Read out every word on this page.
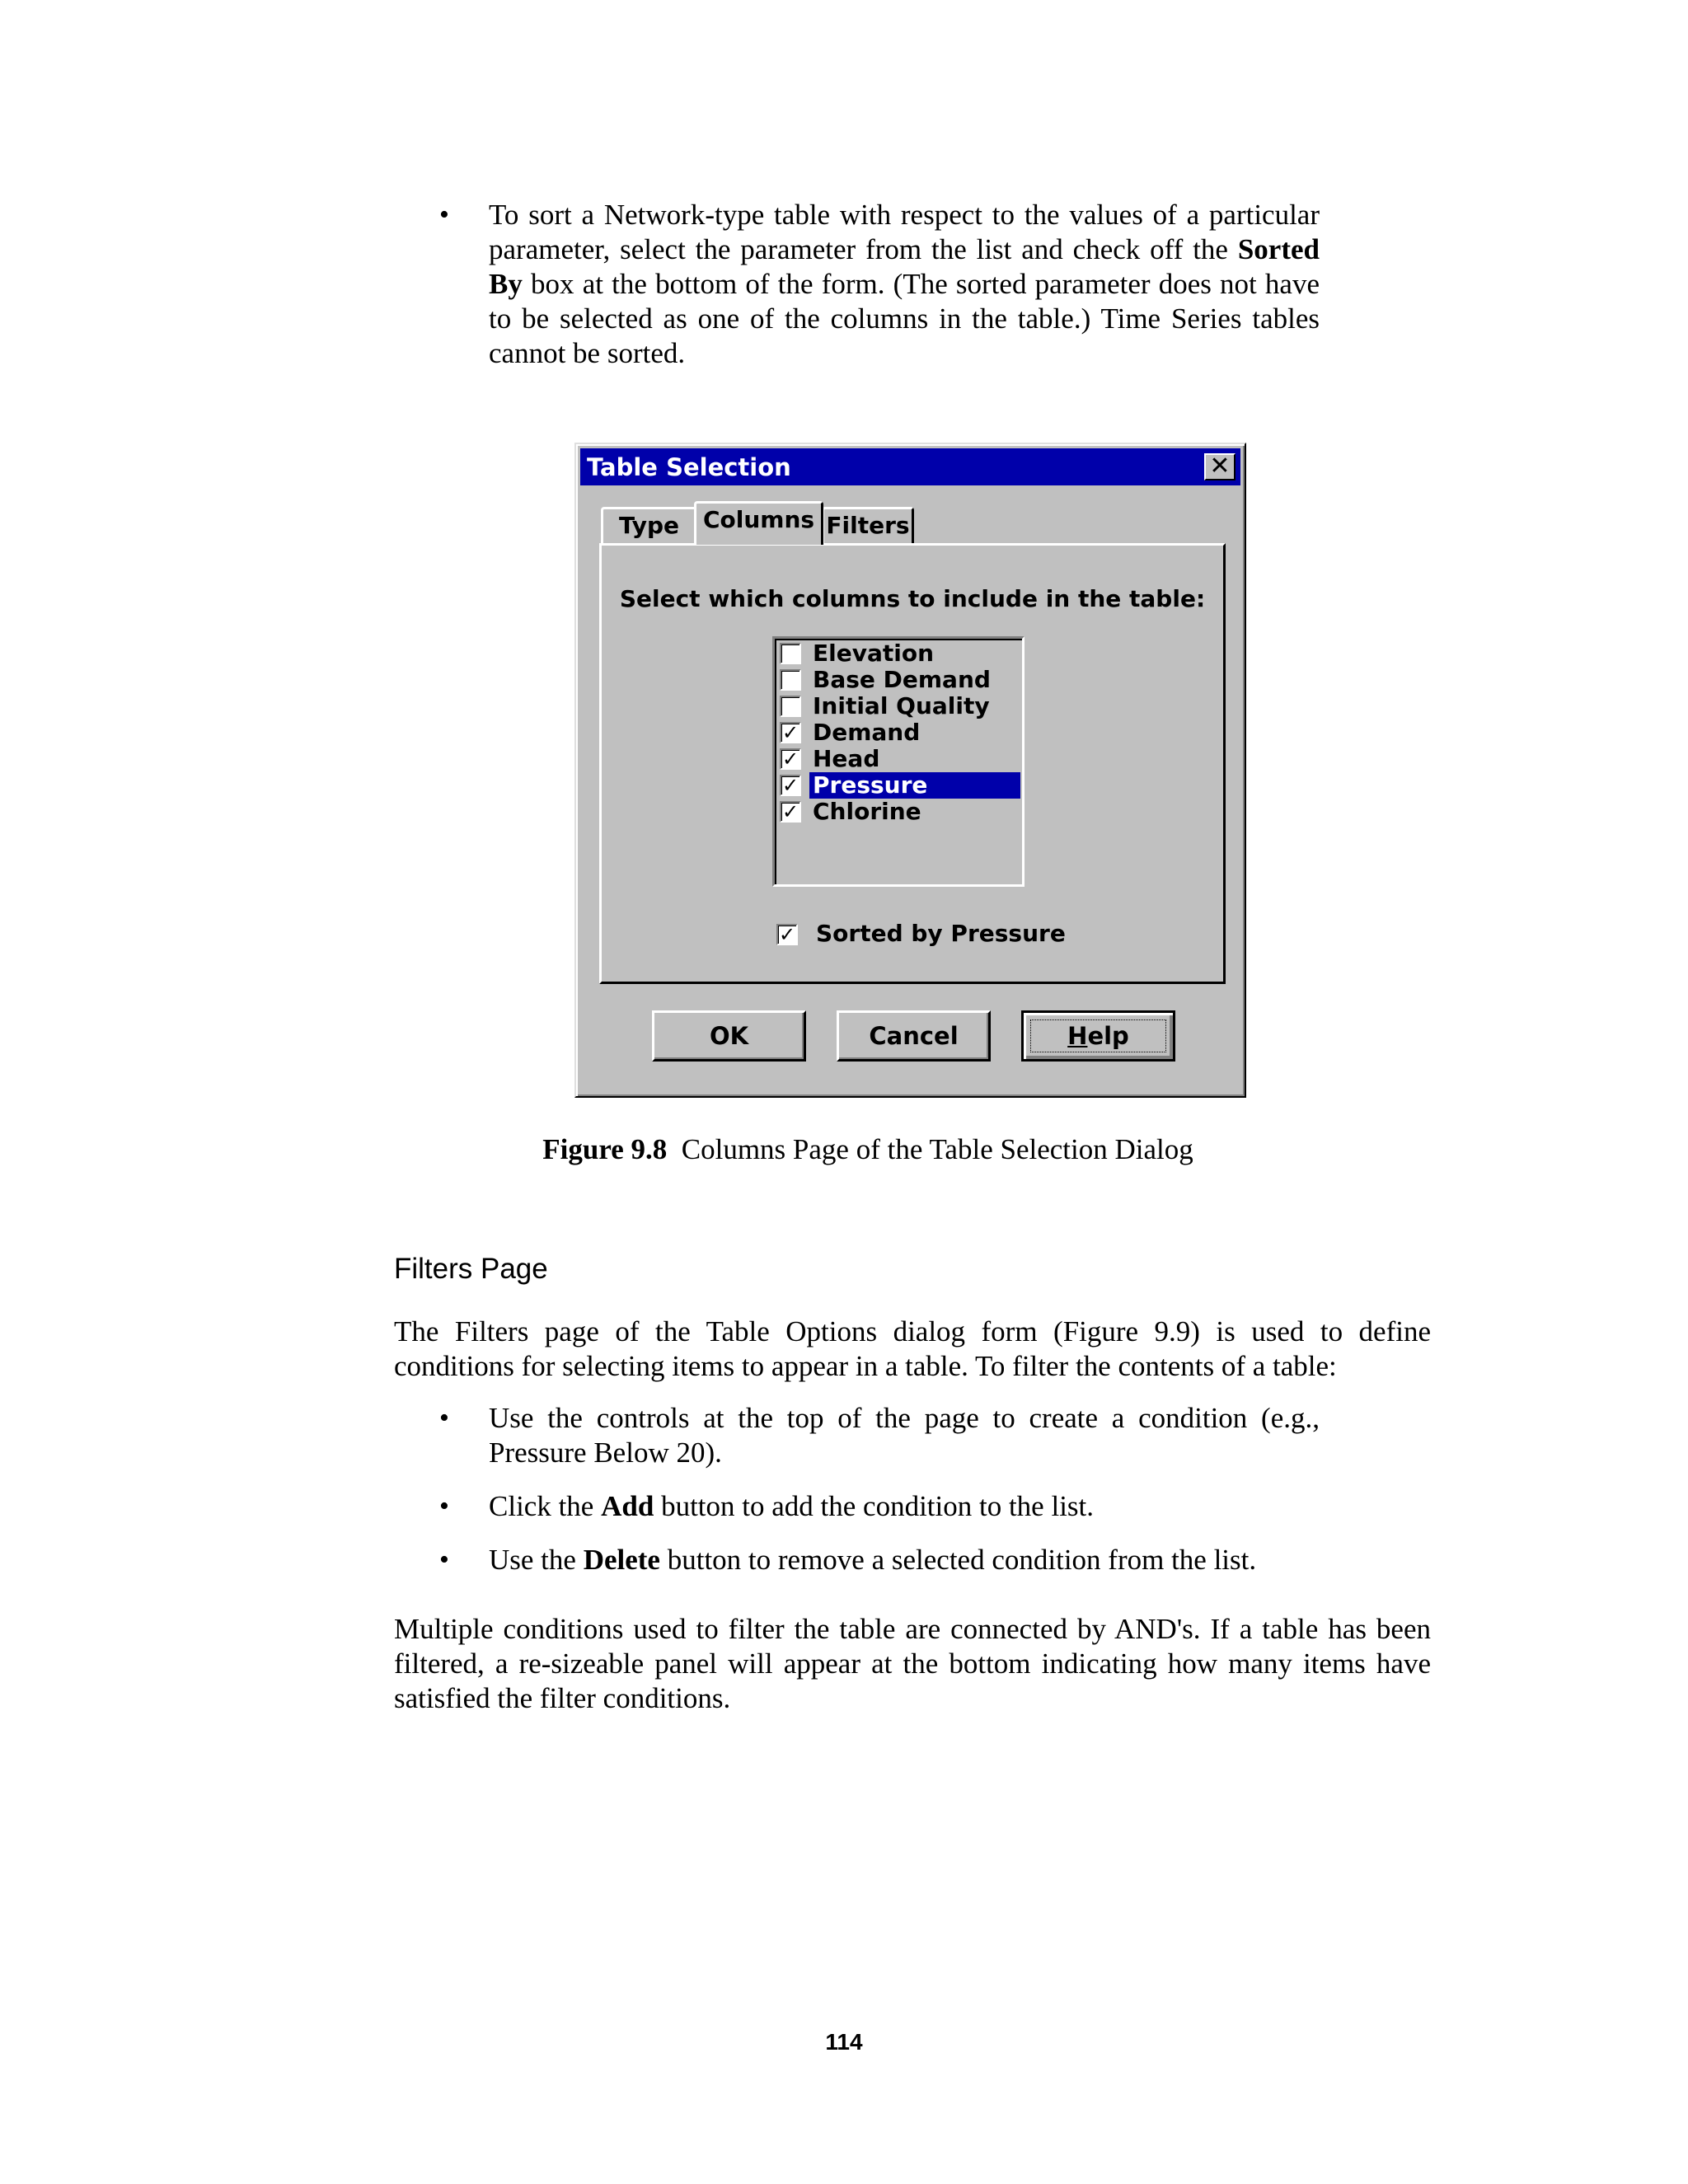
• To sort a Network-type table with respect to the values of a particular parameter, select the parameter from the list and check off the Sorted By box at the bottom of the form. (The sorted parameter does not have to be selected as one of the columns in the table.) Time Series tables cannot be sorted.

Table Selection	✕
Type	Columns Filters
Select which columns to include in the table:
Elevation
Base Demand
Initial Quality
✓ Demand
✓ Head
✓ Pressure
✓ Chlorine
✓ Sorted by Pressure
OK	Cancel	Help
Figure 9.8 Columns Page of the Table Selection Dialog
Filters Page

The Filters page of the Table Options dialog form (Figure 9.9) is used to define conditions for selecting items to appear in a table. To filter the contents of a table:

• Use the controls at the top of the page to create a condition (e.g., Pressure Below 20).

• Click the Add button to add the condition to the list.

• Use the Delete button to remove a selected condition from the list.

Multiple conditions used to filter the table are connected by AND's. If a table has been filtered, a re-sizeable panel will appear at the bottom indicating how many items have satisfied the filter conditions.

114
